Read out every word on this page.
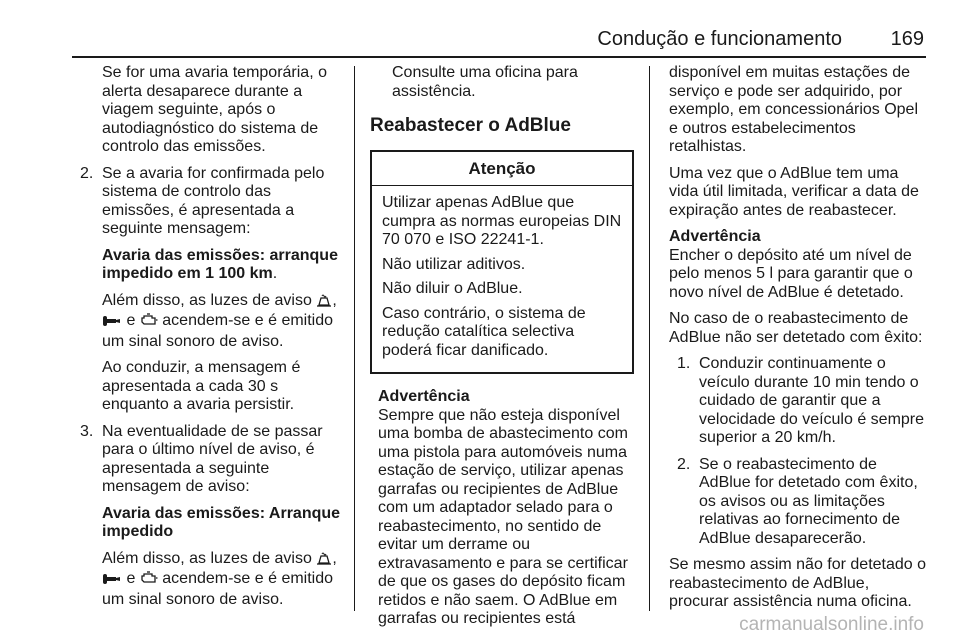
Condução e funcionamento 169

Se for uma avaria temporária, o alerta desaparece durante a viagem seguinte, após o autodiagnóstico do sistema de controlo das emissões.

2. Se a avaria for confirmada pelo sistema de controlo das emissões, é apresentada a seguinte mensagem:

Avaria das emissões: arranque impedido em 1 100 km.

Além disso, as luzes de aviso ,
e acendem-se e é emitido um sinal sonoro de aviso.

Ao conduzir, a mensagem é apresentada a cada 30 s enquanto a avaria persistir.

3. Na eventualidade de se passar para o último nível de aviso, é apresentada a seguinte mensagem de aviso:

Avaria das emissões: Arranque impedido

Além disso, as luzes de aviso ,
e acendem-se e é emitido um sinal sonoro de aviso.

Consulte uma oficina para assistência.

Reabastecer o AdBlue
Atenção

Utilizar apenas AdBlue que cumpra as normas europeias DIN 70 070 e ISO 22241-1.

Não utilizar aditivos.

Não diluir o AdBlue.

Caso contrário, o sistema de redução catalítica selectiva poderá ficar danificado.

Advertência
Sempre que não esteja disponível uma bomba de abastecimento com uma pistola para automóveis numa estação de serviço, utilizar apenas garrafas ou recipientes de AdBlue com um adaptador selado para o reabastecimento, no sentido de evitar um derrame ou extravasamento e para se certificar de que os gases do depósito ficam retidos e não saem. O AdBlue em garrafas ou recipientes está

disponível em muitas estações de serviço e pode ser adquirido, por exemplo, em concessionários Opel e outros estabelecimentos retalhistas.

Uma vez que o AdBlue tem uma vida útil limitada, verificar a data de expiração antes de reabastecer.

Advertência
Encher o depósito até um nível de pelo menos 5 l para garantir que o novo nível de AdBlue é detetado.

No caso de o reabastecimento de AdBlue não ser detetado com êxito:

1. Conduzir continuamente o veículo durante 10 min tendo o cuidado de garantir que a velocidade do veículo é sempre superior a 20 km/h.
2. Se o reabastecimento de AdBlue for detetado com êxito, os avisos ou as limitações relativas ao fornecimento de AdBlue desaparecerão.

Se mesmo assim não for detetado o reabastecimento de AdBlue, procurar assistência numa oficina.

carmanualsonline.info
